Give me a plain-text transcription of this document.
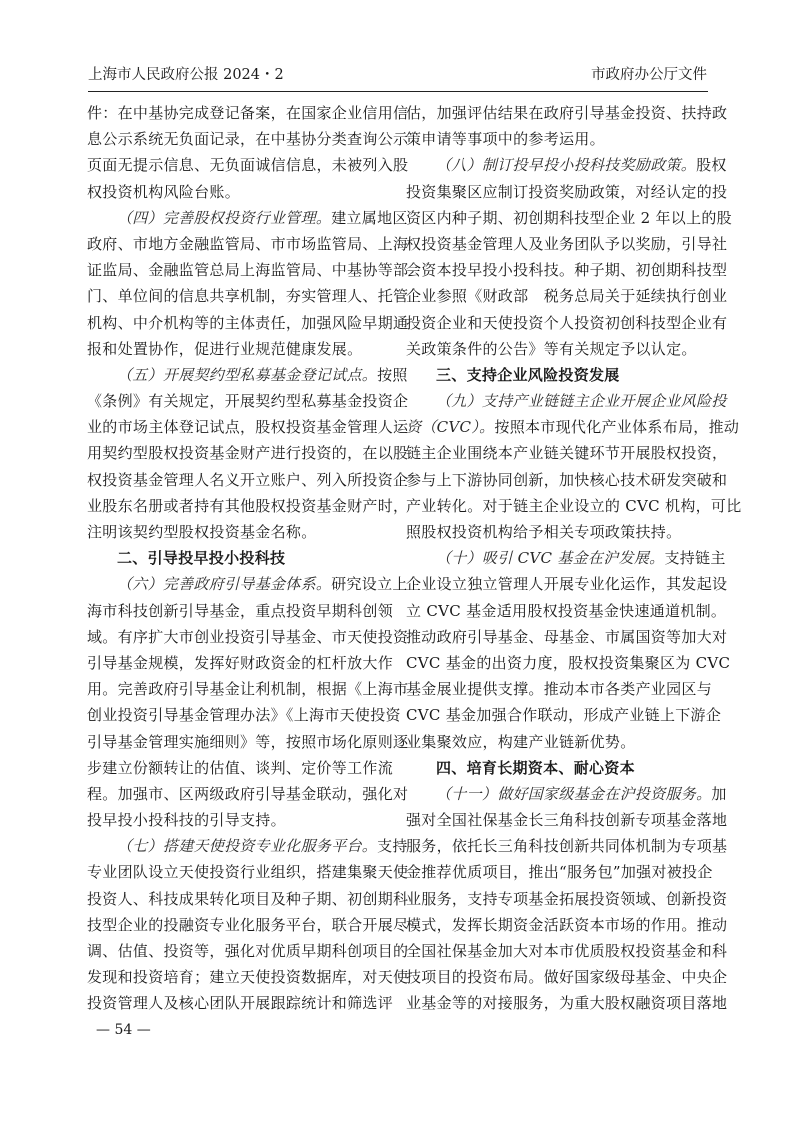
上海市人民政府公报 2024・2	市政府办公厅文件
件：在中基协完成登记备案，在国家企业信用信
息公示系统无负面记录，在中基协分类查询公示
页面无提示信息、无负面诚信信息，未被列入股
权投资机构风险台账。
（四）完善股权投资行业管理。建立属地区
政府、市地方金融监管局、市市场监管局、上海
证监局、金融监管总局上海监管局、中基协等部
门、单位间的信息共享机制，夯实管理人、托管
机构、中介机构等的主体责任，加强风险早期通
报和处置协作，促进行业规范健康发展。
（五）开展契约型私募基金登记试点。按照
《条例》有关规定，开展契约型私募基金投资企
业的市场主体登记试点，股权投资基金管理人运
用契约型股权投资基金财产进行投资的，在以股
权投资基金管理人名义开立账户、列入所投资企
业股东名册或者持有其他股权投资基金财产时，
注明该契约型股权投资基金名称。
二、引导投早投小投科技
（六）完善政府引导基金体系。研究设立上
海市科技创新引导基金，重点投资早期科创领
域。有序扩大市创业投资引导基金、市天使投资
引导基金规模，发挥好财政资金的杠杆放大作
用。完善政府引导基金让利机制，根据《上海市
创业投资引导基金管理办法》《上海市天使投资
引导基金管理实施细则》等，按照市场化原则逐
步建立份额转让的估值、谈判、定价等工作流
程。加强市、区两级政府引导基金联动，强化对
投早投小投科技的引导支持。
（七）搭建天使投资专业化服务平台。支持
专业团队设立天使投资行业组织，搭建集聚天使
投资人、科技成果转化项目及种子期、初创期科
技型企业的投融资专业化服务平台，联合开展尽
调、估值、投资等，强化对优质早期科创项目的
发现和投资培育；建立天使投资数据库，对天使
投资管理人及核心团队开展跟踪统计和筛选评
估，加强评估结果在政府引导基金投资、扶持政
策申请等事项中的参考运用。
（八）制订投早投小投科技奖励政策。股权
投资集聚区应制订投资奖励政策，对经认定的投
资区内种子期、初创期科技型企业 2 年以上的股
权投资基金管理人及业务团队予以奖励，引导社
会资本投早投小投科技。种子期、初创期科技型
企业参照《财政部　税务总局关于延续执行创业
投资企业和天使投资个人投资初创科技型企业有
关政策条件的公告》等有关规定予以认定。
三、支持企业风险投资发展
（九）支持产业链链主企业开展企业风险投
资（CVC）。按照本市现代化产业体系布局，推动
链主企业围绕本产业链关键环节开展股权投资，
参与上下游协同创新，加快核心技术研发突破和
产业转化。对于链主企业设立的 CVC 机构，可比
照股权投资机构给予相关专项政策扶持。
（十）吸引 CVC 基金在沪发展。支持链主
企业设立独立管理人开展专业化运作，其发起设
立 CVC 基金适用股权投资基金快速通道机制。
推动政府引导基金、母基金、市属国资等加大对
CVC 基金的出资力度，股权投资集聚区为 CVC
基金展业提供支撑。推动本市各类产业园区与
CVC 基金加强合作联动，形成产业链上下游企
业集聚效应，构建产业链新优势。
四、培育长期资本、耐心资本
（十一）做好国家级基金在沪投资服务。加
强对全国社保基金长三角科技创新专项基金落地
服务，依托长三角科技创新共同体机制为专项基
金推荐优质项目，推出“服务包”加强对被投企
业服务，支持专项基金拓展投资领域、创新投资
模式，发挥长期资金活跃资本市场的作用。推动
全国社保基金加大对本市优质股权投资基金和科
技项目的投资布局。做好国家级母基金、中央企
业基金等的对接服务，为重大股权融资项目落地
— 54 —
